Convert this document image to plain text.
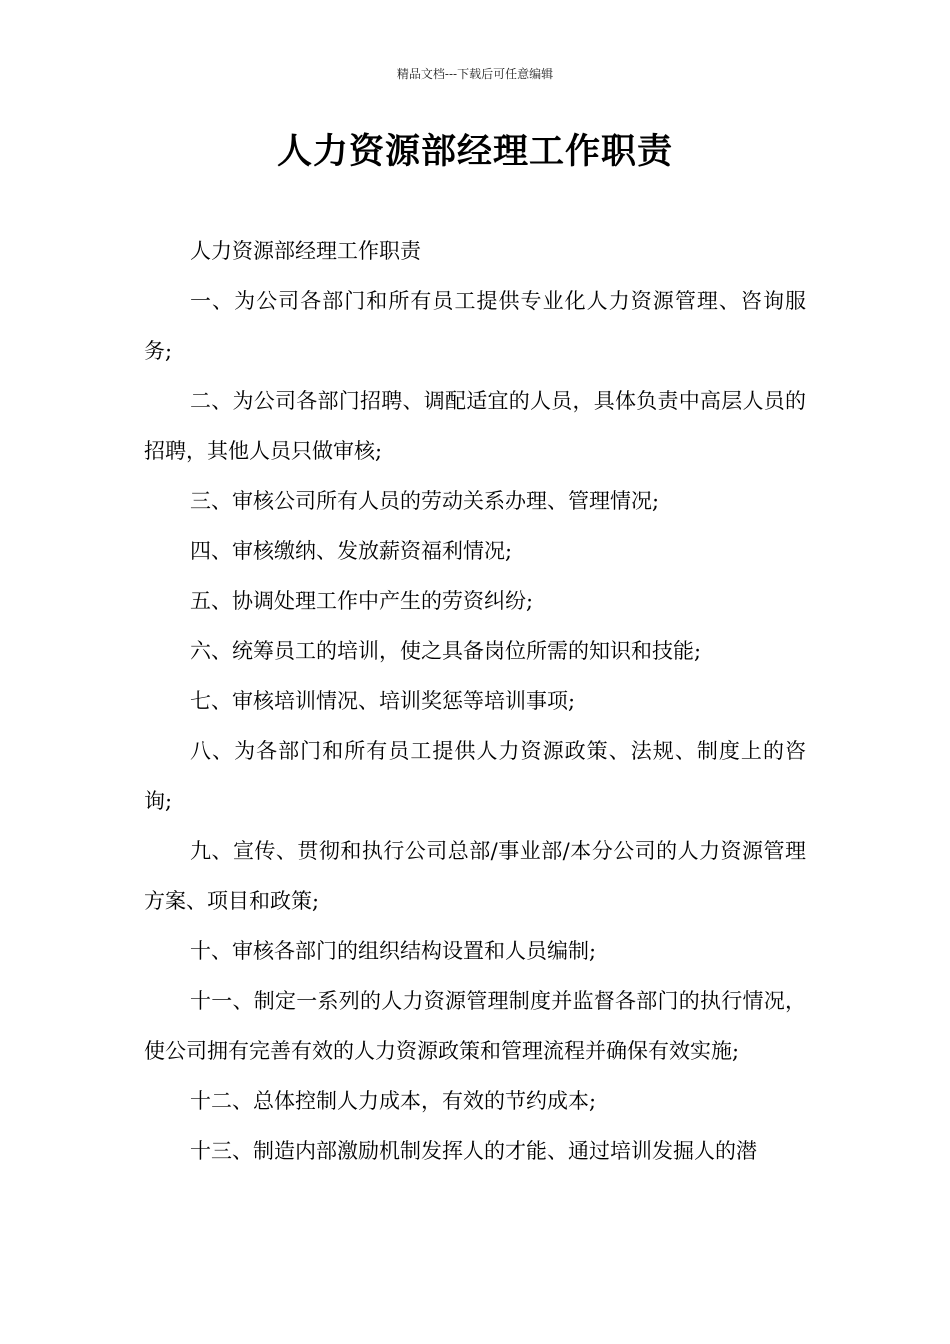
精品文档---下载后可任意编辑
人力资源部经理工作职责

人力资源部经理工作职责

一、为公司各部门和所有员工提供专业化人力资源管理、咨询服务;

二、为公司各部门招聘、调配适宜的人员，具体负责中高层人员的招聘，其他人员只做审核;

三、审核公司所有人员的劳动关系办理、管理情况;

四、审核缴纳、发放薪资福利情况;

五、协调处理工作中产生的劳资纠纷;

六、统筹员工的培训，使之具备岗位所需的知识和技能;

七、审核培训情况、培训奖惩等培训事项;

八、为各部门和所有员工提供人力资源政策、法规、制度上的咨询;

九、宣传、贯彻和执行公司总部/事业部/本分公司的人力资源管理方案、项目和政策;

十、审核各部门的组织结构设置和人员编制;

十一、制定一系列的人力资源管理制度并监督各部门的执行情况，使公司拥有完善有效的人力资源政策和管理流程并确保有效实施;

十二、总体控制人力成本，有效的节约成本;

十三、制造内部激励机制发挥人的才能、通过培训发掘人的潜
